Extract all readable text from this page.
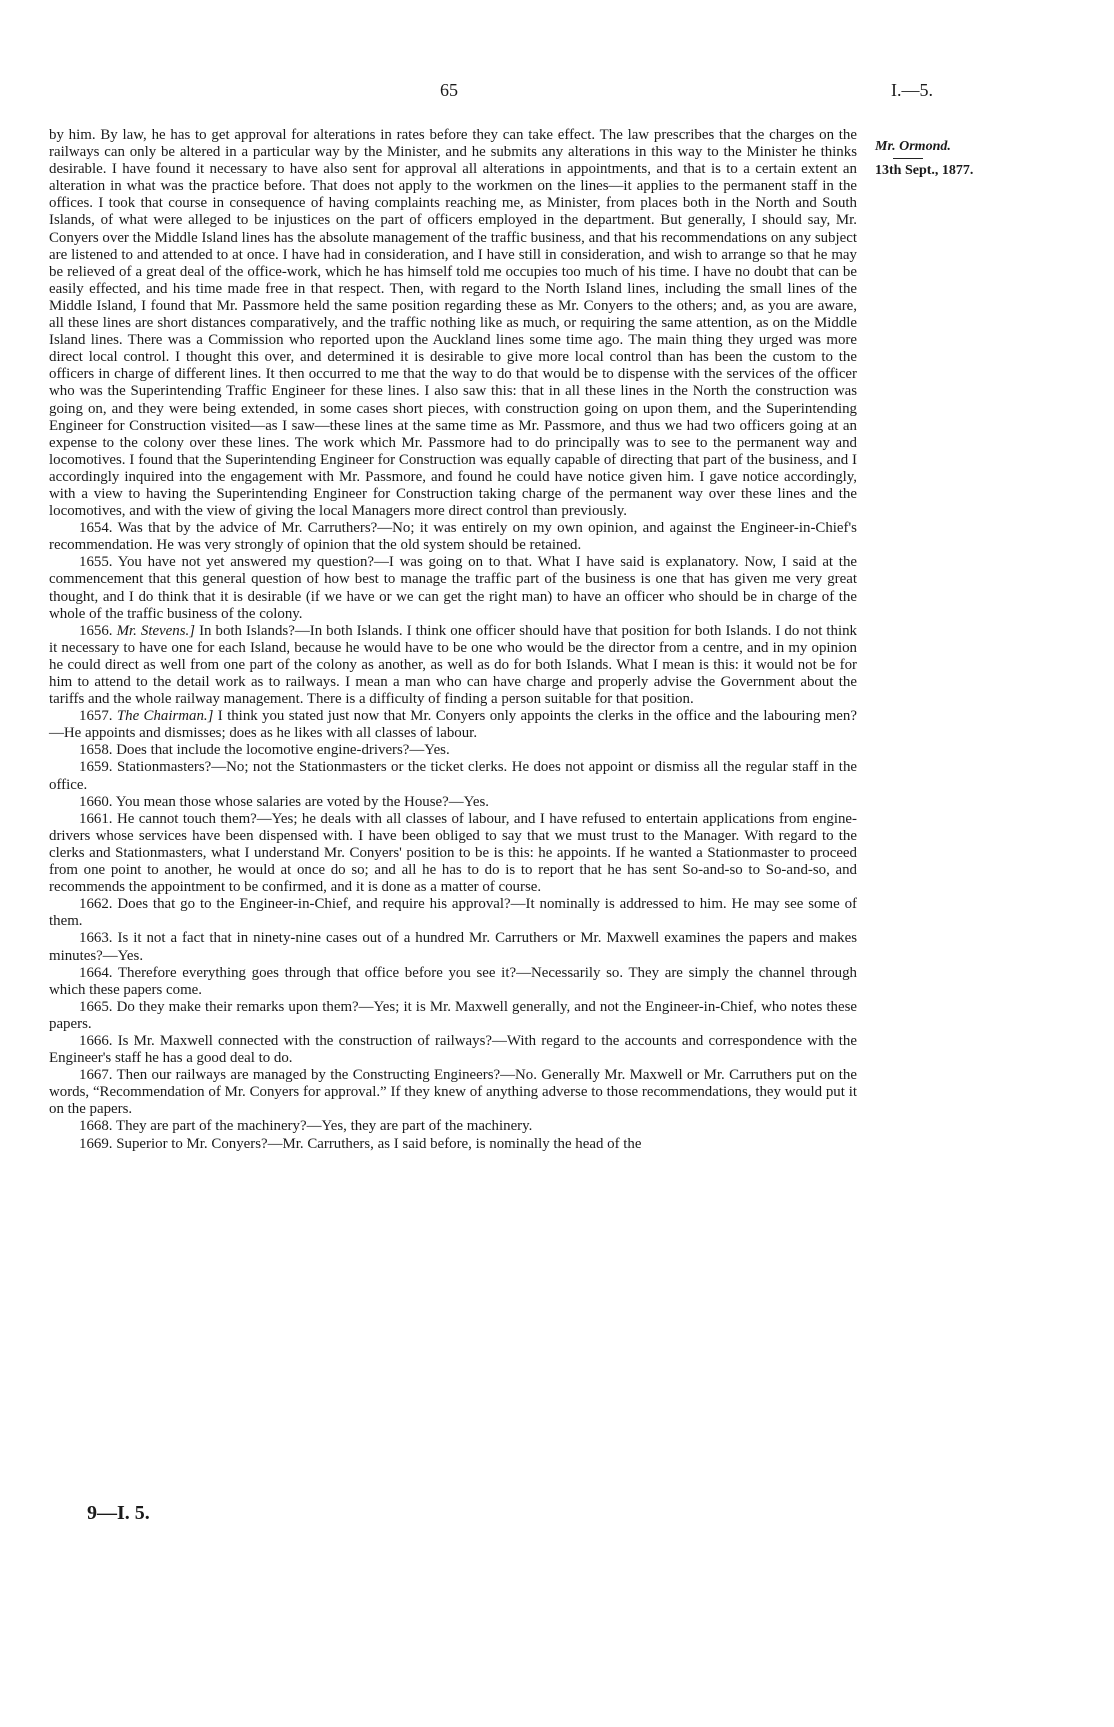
65	I.—5.
Mr. Ormond.
13th Sept., 1877.

by him. By law, he has to get approval for alterations in rates before they can take effect. The law prescribes that the charges on the railways can only be altered in a particular way by the Minister, and he submits any alterations in this way to the Minister he thinks desirable. I have found it necessary to have also sent for approval all alterations in appointments, and that is to a certain extent an alteration in what was the practice before. That does not apply to the workmen on the lines—it applies to the permanent staff in the offices. I took that course in consequence of having complaints reaching me, as Minister, from places both in the North and South Islands, of what were alleged to be injustices on the part of officers employed in the department. But generally, I should say, Mr. Conyers over the Middle Island lines has the absolute management of the traffic business, and that his recommendations on any subject are listened to and attended to at once. I have had in consideration, and I have still in consideration, and wish to arrange so that he may be relieved of a great deal of the office-work, which he has himself told me occupies too much of his time. I have no doubt that can be easily effected, and his time made free in that respect. Then, with regard to the North Island lines, including the small lines of the Middle Island, I found that Mr. Passmore held the same position regarding these as Mr. Conyers to the others; and, as you are aware, all these lines are short distances comparatively, and the traffic nothing like as much, or requiring the same attention, as on the Middle Island lines. There was a Commission who reported upon the Auckland lines some time ago. The main thing they urged was more direct local control. I thought this over, and determined it is desirable to give more local control than has been the custom to the officers in charge of different lines. It then occurred to me that the way to do that would be to dispense with the services of the officer who was the Superintending Traffic Engineer for these lines. I also saw this: that in all these lines in the North the construction was going on, and they were being extended, in some cases short pieces, with construction going on upon them, and the Superintending Engineer for Construction visited—as I saw—these lines at the same time as Mr. Passmore, and thus we had two officers going at an expense to the colony over these lines. The work which Mr. Passmore had to do principally was to see to the permanent way and locomotives. I found that the Superintending Engineer for Construction was equally capable of directing that part of the business, and I accordingly inquired into the engagement with Mr. Passmore, and found he could have notice given him. I gave notice accordingly, with a view to having the Superintending Engineer for Construction taking charge of the permanent way over these lines and the locomotives, and with the view of giving the local Managers more direct control than previously.

1654. Was that by the advice of Mr. Carruthers?—No; it was entirely on my own opinion, and against the Engineer-in-Chief's recommendation. He was very strongly of opinion that the old system should be retained.

1655. You have not yet answered my question?—I was going on to that. What I have said is explanatory. Now, I said at the commencement that this general question of how best to manage the traffic part of the business is one that has given me very great thought, and I do think that it is desirable (if we have or we can get the right man) to have an officer who should be in charge of the whole of the traffic business of the colony.

1656. Mr. Stevens.] In both Islands?—In both Islands. I think one officer should have that position for both Islands. I do not think it necessary to have one for each Island, because he would have to be one who would be the director from a centre, and in my opinion he could direct as well from one part of the colony as another, as well as do for both Islands. What I mean is this: it would not be for him to attend to the detail work as to railways. I mean a man who can have charge and properly advise the Government about the tariffs and the whole railway management. There is a difficulty of finding a person suitable for that position.

1657. The Chairman.] I think you stated just now that Mr. Conyers only appoints the clerks in the office and the labouring men?—He appoints and dismisses; does as he likes with all classes of labour.

1658. Does that include the locomotive engine-drivers?—Yes.

1659. Stationmasters?—No; not the Stationmasters or the ticket clerks. He does not appoint or dismiss all the regular staff in the office.

1660. You mean those whose salaries are voted by the House?—Yes.

1661. He cannot touch them?—Yes; he deals with all classes of labour, and I have refused to entertain applications from engine-drivers whose services have been dispensed with. I have been obliged to say that we must trust to the Manager. With regard to the clerks and Stationmasters, what I understand Mr. Conyers' position to be is this: he appoints. If he wanted a Stationmaster to proceed from one point to another, he would at once do so; and all he has to do is to report that he has sent So-and-so to So-and-so, and recommends the appointment to be confirmed, and it is done as a matter of course.

1662. Does that go to the Engineer-in-Chief, and require his approval?—It nominally is addressed to him. He may see some of them.

1663. Is it not a fact that in ninety-nine cases out of a hundred Mr. Carruthers or Mr. Maxwell examines the papers and makes minutes?—Yes.

1664. Therefore everything goes through that office before you see it?—Necessarily so. They are simply the channel through which these papers come.

1665. Do they make their remarks upon them?—Yes; it is Mr. Maxwell generally, and not the Engineer-in-Chief, who notes these papers.

1666. Is Mr. Maxwell connected with the construction of railways?—With regard to the accounts and correspondence with the Engineer's staff he has a good deal to do.

1667. Then our railways are managed by the Constructing Engineers?—No. Generally Mr. Maxwell or Mr. Carruthers put on the words, “Recommendation of Mr. Conyers for approval.” If they knew of anything adverse to those recommendations, they would put it on the papers.

1668. They are part of the machinery?—Yes, they are part of the machinery.

1669. Superior to Mr. Conyers?—Mr. Carruthers, as I said before, is nominally the head of the

9—I. 5.
